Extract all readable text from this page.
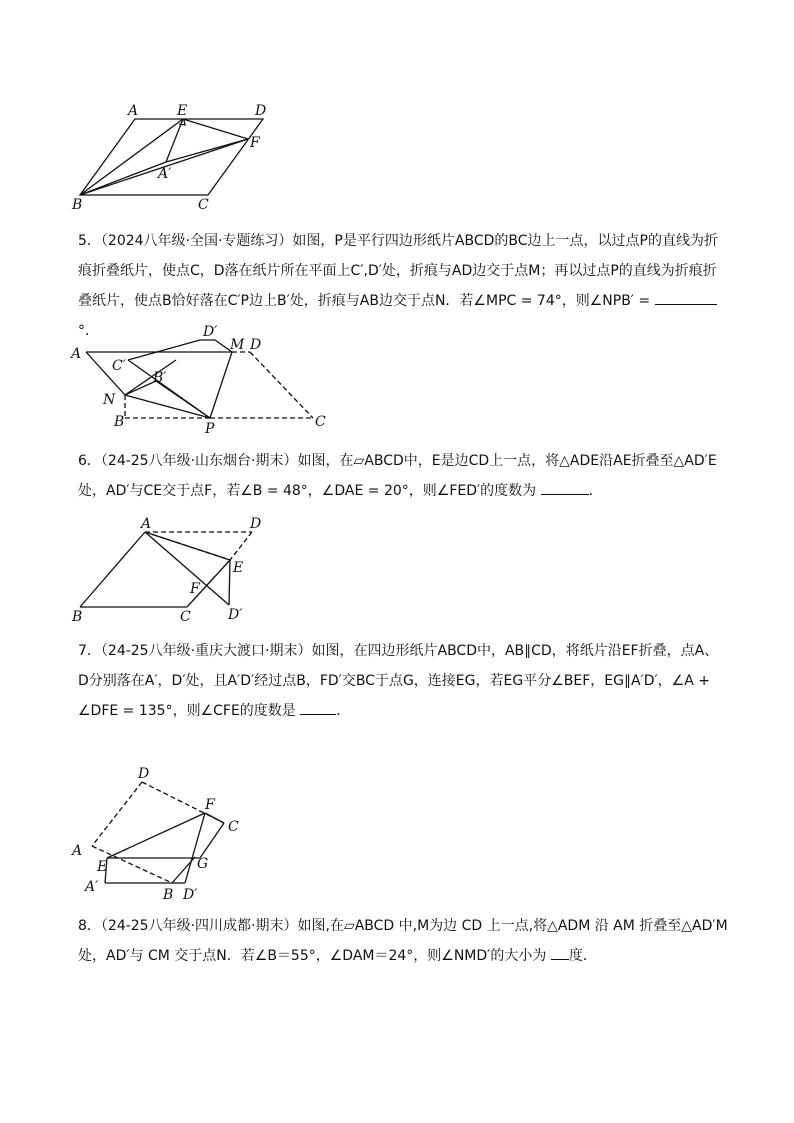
A	E	D
F
A′
B	C
5．（2024八年级·全国·专题练习）如图，P是平行四边形纸片ABCD的BC边上一点，以过点P的直线为折痕折叠纸片，使点C，D落在纸片所在平面上C′,D′处，折痕与AD边交于点M；再以过点P的直线为折痕折叠纸片，使点B恰好落在C′P边上B′处，折痕与AB边交于点N．若∠MPC = 74°，则∠NPB′ = °．	D′
M D
A
C′
B′
N
B	P	C
6．（24-25八年级·山东烟台·期末）如图，在▱ABCD中，E是边CD上一点，将△ADE沿AE折叠至△AD′E处，AD′与CE交于点F，若∠B = 48°，∠DAE = 20°，则∠FED′的度数为	．
A	D
E
F
B	C	D′
7．（24-25八年级·重庆大渡口·期末）如图，在四边形纸片ABCD中，AB∥CD，将纸片沿EF折叠，点A、D分别落在A′，D′处，且A′D′经过点B，FD′交BC于点G，连接EG，若EG平分∠BEF，EG∥A′D′，∠A + ∠DFE = 135°，则∠CFE的度数是	．
D
F
C
A
E	G
A′	B D′
8．（24-25八年级·四川成都·期末）如图,在▱ABCD 中,M为边 CD 上一点,将△ADM 沿 AM 折叠至△AD′M处，AD′与 CM 交于点N．若∠B＝55°，∠DAM＝24°，则∠NMD′的大小为 度．
